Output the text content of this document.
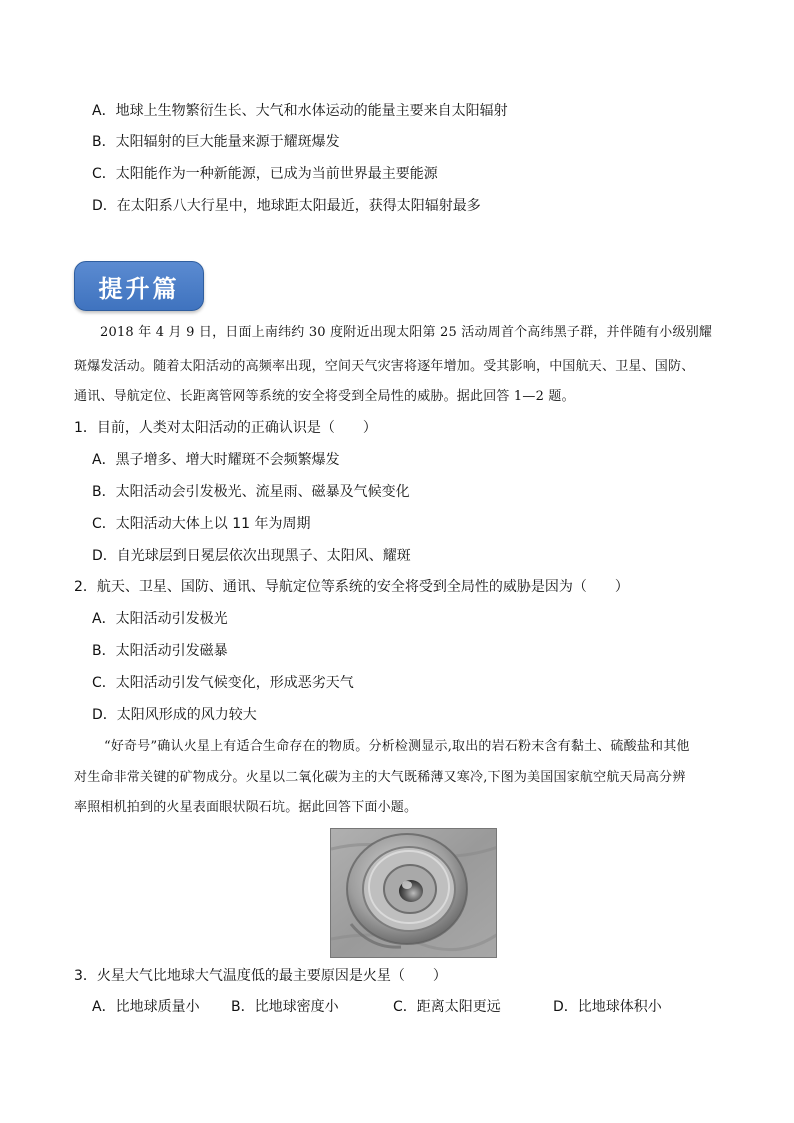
A．地球上生物繁衍生长、大气和水体运动的能量主要来自太阳辐射
B．太阳辐射的巨大能量来源于耀斑爆发
C．太阳能作为一种新能源，已成为当前世界最主要能源
D．在太阳系八大行星中，地球距太阳最近，获得太阳辐射最多
提升篇
2018 年 4 月 9 日，日面上南纬约 30 度附近出现太阳第 25 活动周首个高纬黑子群，并伴随有小级别耀
斑爆发活动。随着太阳活动的高频率出现，空间天气灾害将逐年增加。受其影响，中国航天、卫星、国防、
通讯、导航定位、长距离管网等系统的安全将受到全局性的威胁。据此回答 1—2 题。
1．目前，人类对太阳活动的正确认识是（　　）
A．黑子增多、增大时耀斑不会频繁爆发
B．太阳活动会引发极光、流星雨、磁暴及气候变化
C．太阳活动大体上以 11 年为周期
D．自光球层到日冕层依次出现黑子、太阳风、耀斑
2．航天、卫星、国防、通讯、导航定位等系统的安全将受到全局性的威胁是因为（　　）
A．太阳活动引发极光
B．太阳活动引发磁暴
C．太阳活动引发气候变化，形成恶劣天气
D．太阳风形成的风力较大
“好奇号”确认火星上有适合生命存在的物质。分析检测显示,取出的岩石粉末含有黏土、硫酸盐和其他
对生命非常关键的矿物成分。火星以二氧化碳为主的大气既稀薄又寒冷,下图为美国国家航空航天局高分辨
率照相机拍到的火星表面眼状陨石坑。据此回答下面小题。
3．火星大气比地球大气温度低的最主要原因是火星（　　）
A．比地球质量小 B．比地球密度小	C．距离太阳更远	D．比地球体积小
